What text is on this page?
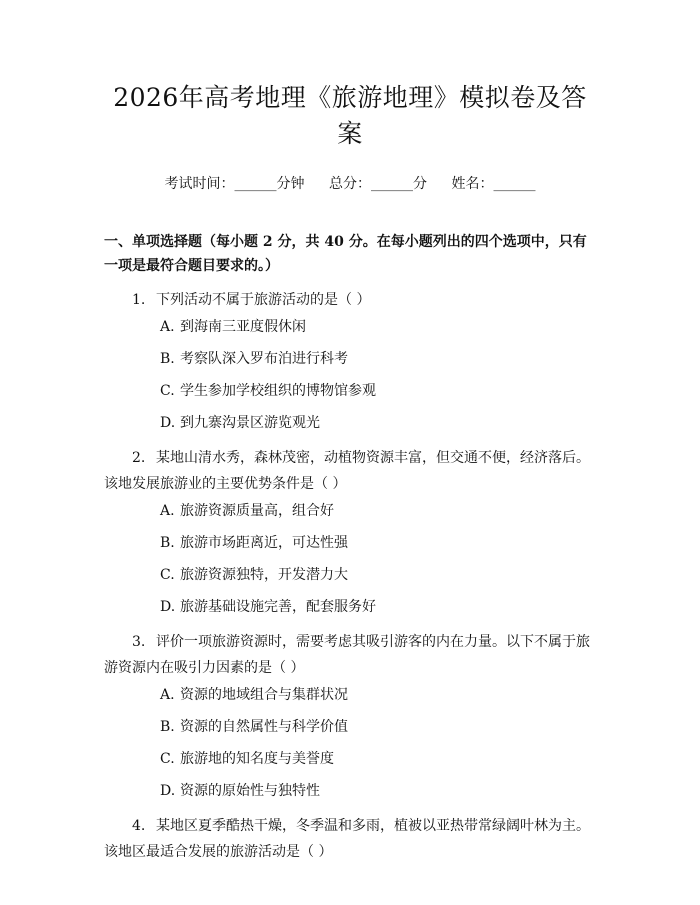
2026年高考地理《旅游地理》模拟卷及答案
考试时间：______分钟 总分：______分 姓名：______
一、单项选择题（每小题 2 分，共 40 分。在每小题列出的四个选项中，只有一项是最符合题目要求的。）
1. 下列活动不属于旅游活动的是（ ）
A. 到海南三亚度假休闲
B. 考察队深入罗布泊进行科考
C. 学生参加学校组织的博物馆参观
D. 到九寨沟景区游览观光
2. 某地山清水秀，森林茂密，动植物资源丰富，但交通不便，经济落后。该地发展旅游业的主要优势条件是（ ）
A. 旅游资源质量高，组合好
B. 旅游市场距离近，可达性强
C. 旅游资源独特，开发潜力大
D. 旅游基础设施完善，配套服务好
3. 评价一项旅游资源时，需要考虑其吸引游客的内在力量。以下不属于旅游资源内在吸引力因素的是（ ）
A. 资源的地域组合与集群状况
B. 资源的自然属性与科学价值
C. 旅游地的知名度与美誉度
D. 资源的原始性与独特性
4. 某地区夏季酷热干燥，冬季温和多雨，植被以亚热带常绿阔叶林为主。该地区最适合发展的旅游活动是（ ）
